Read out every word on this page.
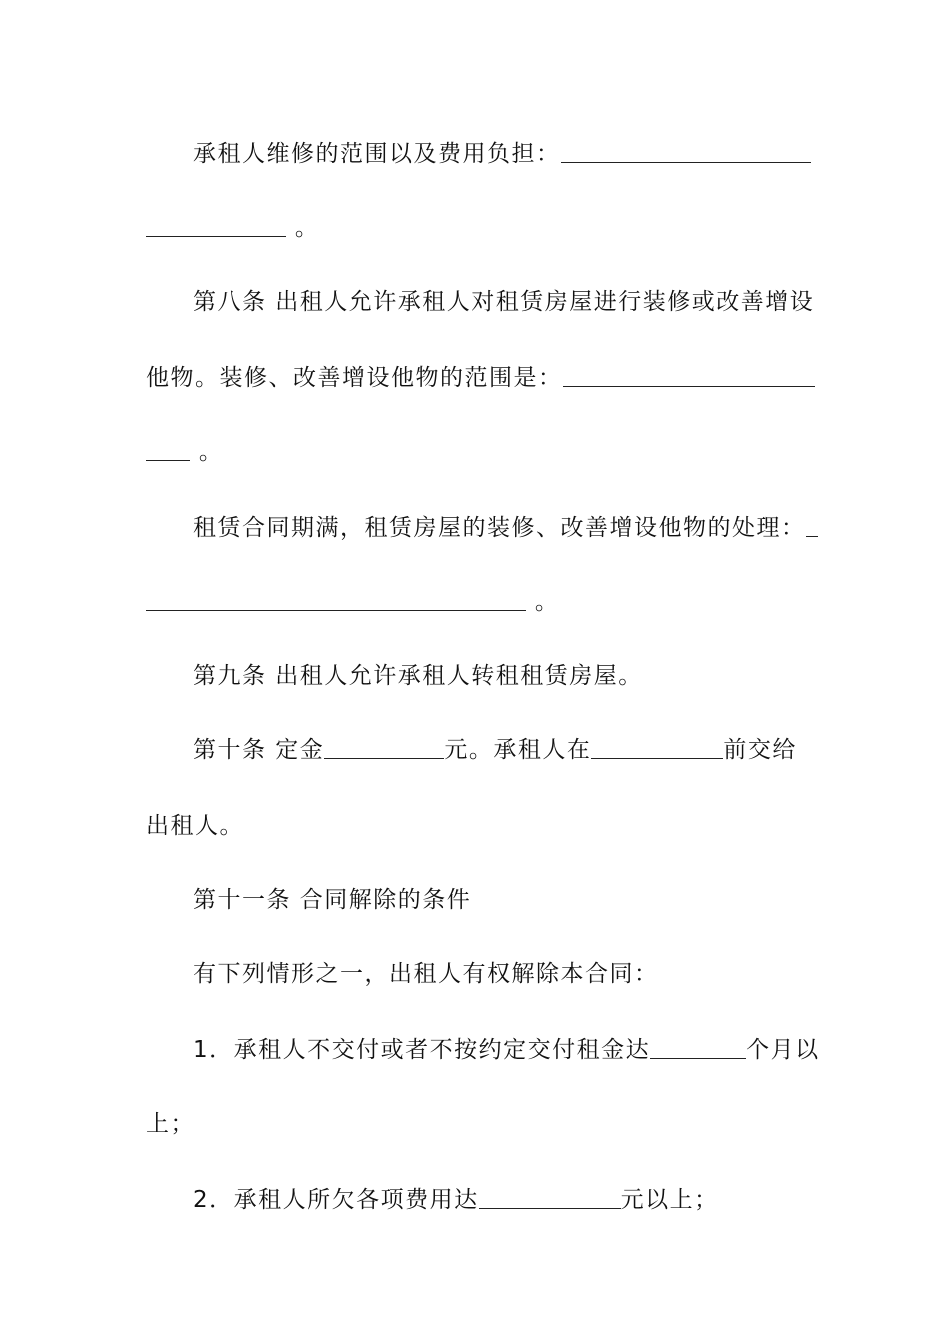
承租人维修的范围以及费用负担：
。
第八条 出租人允许承租人对租赁房屋进行装修或改善增设
他物。装修、改善增设他物的范围是：
。
租赁合同期满，租赁房屋的装修、改善增设他物的处理：
。
第九条 出租人允许承租人转租租赁房屋。
第十条 定金	元。承租人在	前交给
出租人。
第十一条 合同解除的条件
有下列情形之一，出租人有权解除本合同：
1．承租人不交付或者不按约定交付租金达	个月以
上；
2．承租人所欠各项费用达	元以上；
